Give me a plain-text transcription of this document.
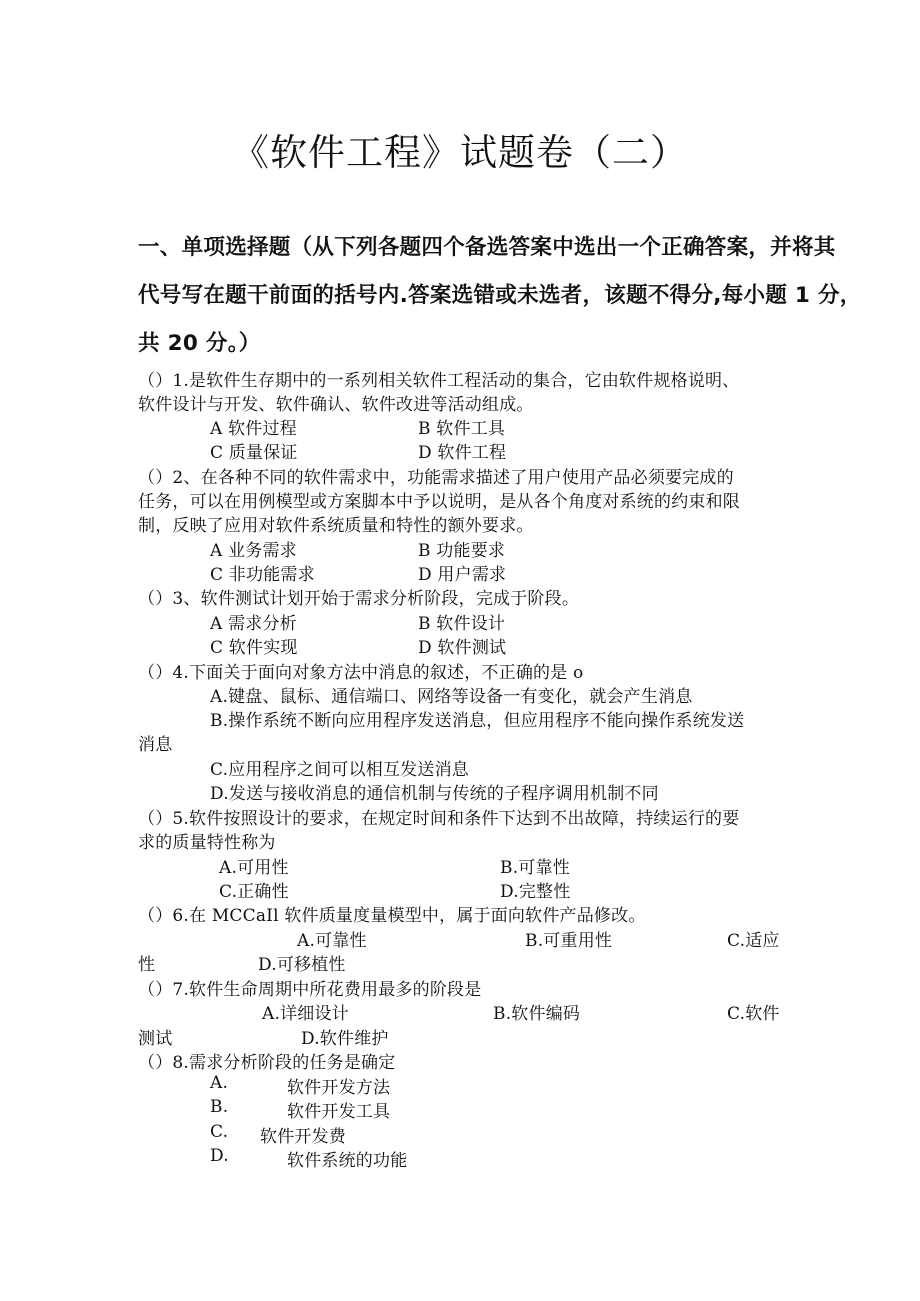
《软件工程》试题卷（二）
一、单项选择题（从下列各题四个备选答案中选出一个正确答案，并将其
代号写在题干前面的括号内.答案选错或未选者，该题不得分,每小题 1 分，
共 20 分。）
（）1.是软件生存期中的一系列相关软件工程活动的集合，它由软件规格说明、
软件设计与开发、软件确认、软件改进等活动组成。
A 软件过程	B 软件工具
C 质量保证	D 软件工程
（）2、在各种不同的软件需求中，功能需求描述了用户使用产品必须要完成的
任务，可以在用例模型或方案脚本中予以说明，是从各个角度对系统的约束和限
制，反映了应用对软件系统质量和特性的额外要求。
A 业务需求	B 功能要求
C 非功能需求	D 用户需求
（）3、软件测试计划开始于需求分析阶段，完成于阶段。
A 需求分析	B 软件设计
C 软件实现	D 软件测试
（）4.下面关于面向对象方法中消息的叙述，不正确的是 o
A.键盘、鼠标、通信端口、网络等设备一有变化，就会产生消息
B.操作系统不断向应用程序发送消息，但应用程序不能向操作系统发送
消息
C.应用程序之间可以相互发送消息
D.发送与接收消息的通信机制与传统的子程序调用机制不同
（）5.软件按照设计的要求，在规定时间和条件下达到不出故障，持续运行的要
求的质量特性称为
A.可用性	B.可靠性
C.正确性	D.完整性
（）6.在 MCCaIl 软件质量度量模型中，属于面向软件产品修改。
A.可靠性	B.可重用性	C.适应
性	D.可移植性
（）7.软件生命周期中所花费用最多的阶段是
A.详细设计	B.软件编码	C.软件
测试	D.软件维护
（）8.需求分析阶段的任务是确定
A.	软件开发方法
B.	软件开发工具
C. 软件开发费
D.	软件系统的功能
